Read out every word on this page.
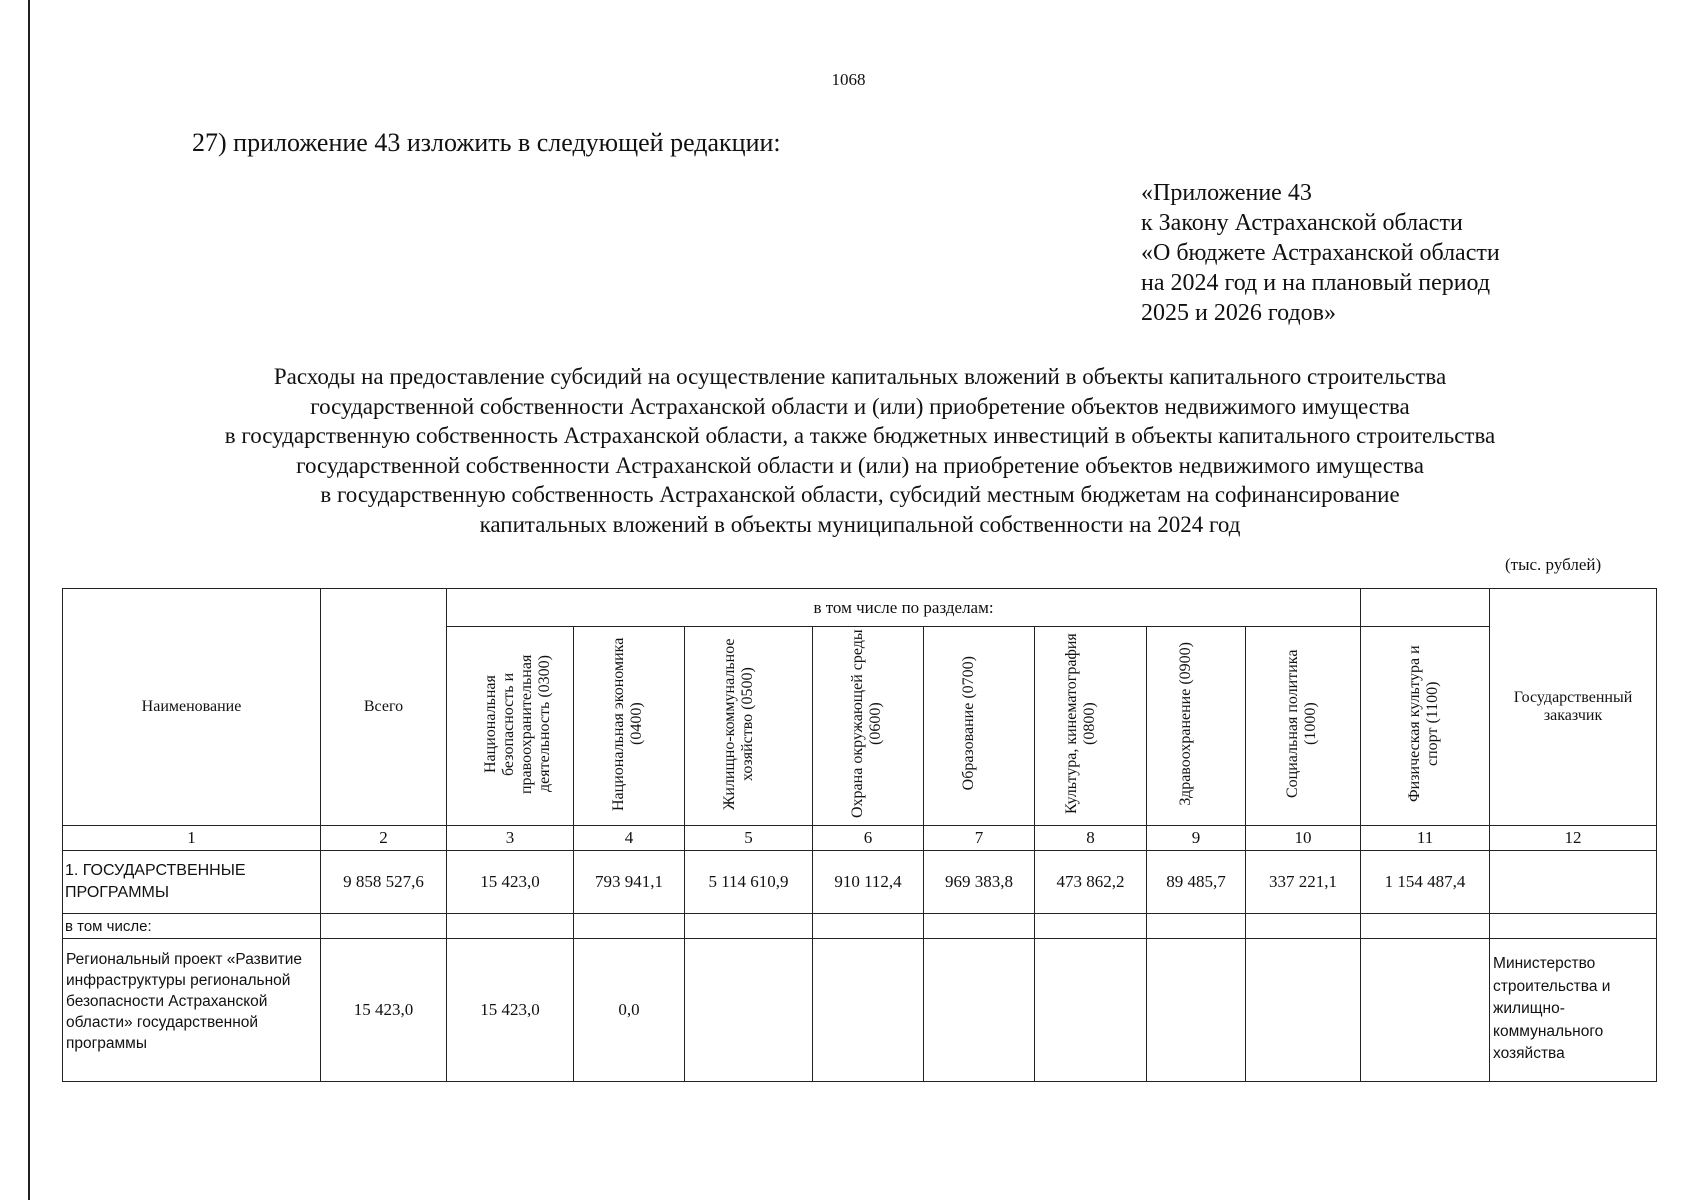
1068
27) приложение 43 изложить в следующей редакции:
«Приложение 43
к Закону Астраханской области
«О бюджете Астраханской области
на 2024 год и на плановый период
2025 и 2026 годов»
Расходы на предоставление субсидий на осуществление капитальных вложений в объекты капитального строительства
государственной собственности Астраханской области и (или) приобретение объектов недвижимого имущества
в государственную собственность Астраханской области, а также бюджетных инвестиций в объекты капитального строительства
государственной собственности Астраханской области и (или) на приобретение объектов недвижимого имущества
в государственную собственность Астраханской области, субсидий местным бюджетам на софинансирование
капитальных вложений в объекты муниципальной собственности на 2024 год
(тыс. рублей)
Наименование	Всего	в том числе по разделам:									Государственный заказчик
		Национальная безопасность и правоохранительная деятельность (0300)	Национальная экономика (0400)	Жилищно-коммунальное хозяйство (0500)	Охрана окружающей среды (0600)	Образование (0700)	Культура, кинематография (0800)	Здравоохранение (0900)	Социальная политика (1000)	Физическая культура и спорт (1100)	
1	2	3	4	5	6	7	8	9	10	11	12
1. ГОСУДАРСТВЕННЫЕ ПРОГРАММЫ	9 858 527,6	15 423,0	793 941,1	5 114 610,9	910 112,4	969 383,8	473 862,2	89 485,7	337 221,1	1 154 487,4	
в том числе:											
Региональный проект «Развитие инфраструктуры региональной безопасности Астраханской области» государственной программы	15 423,0	15 423,0	0,0								Министерство строительства и жилищно-коммунального хозяйства
